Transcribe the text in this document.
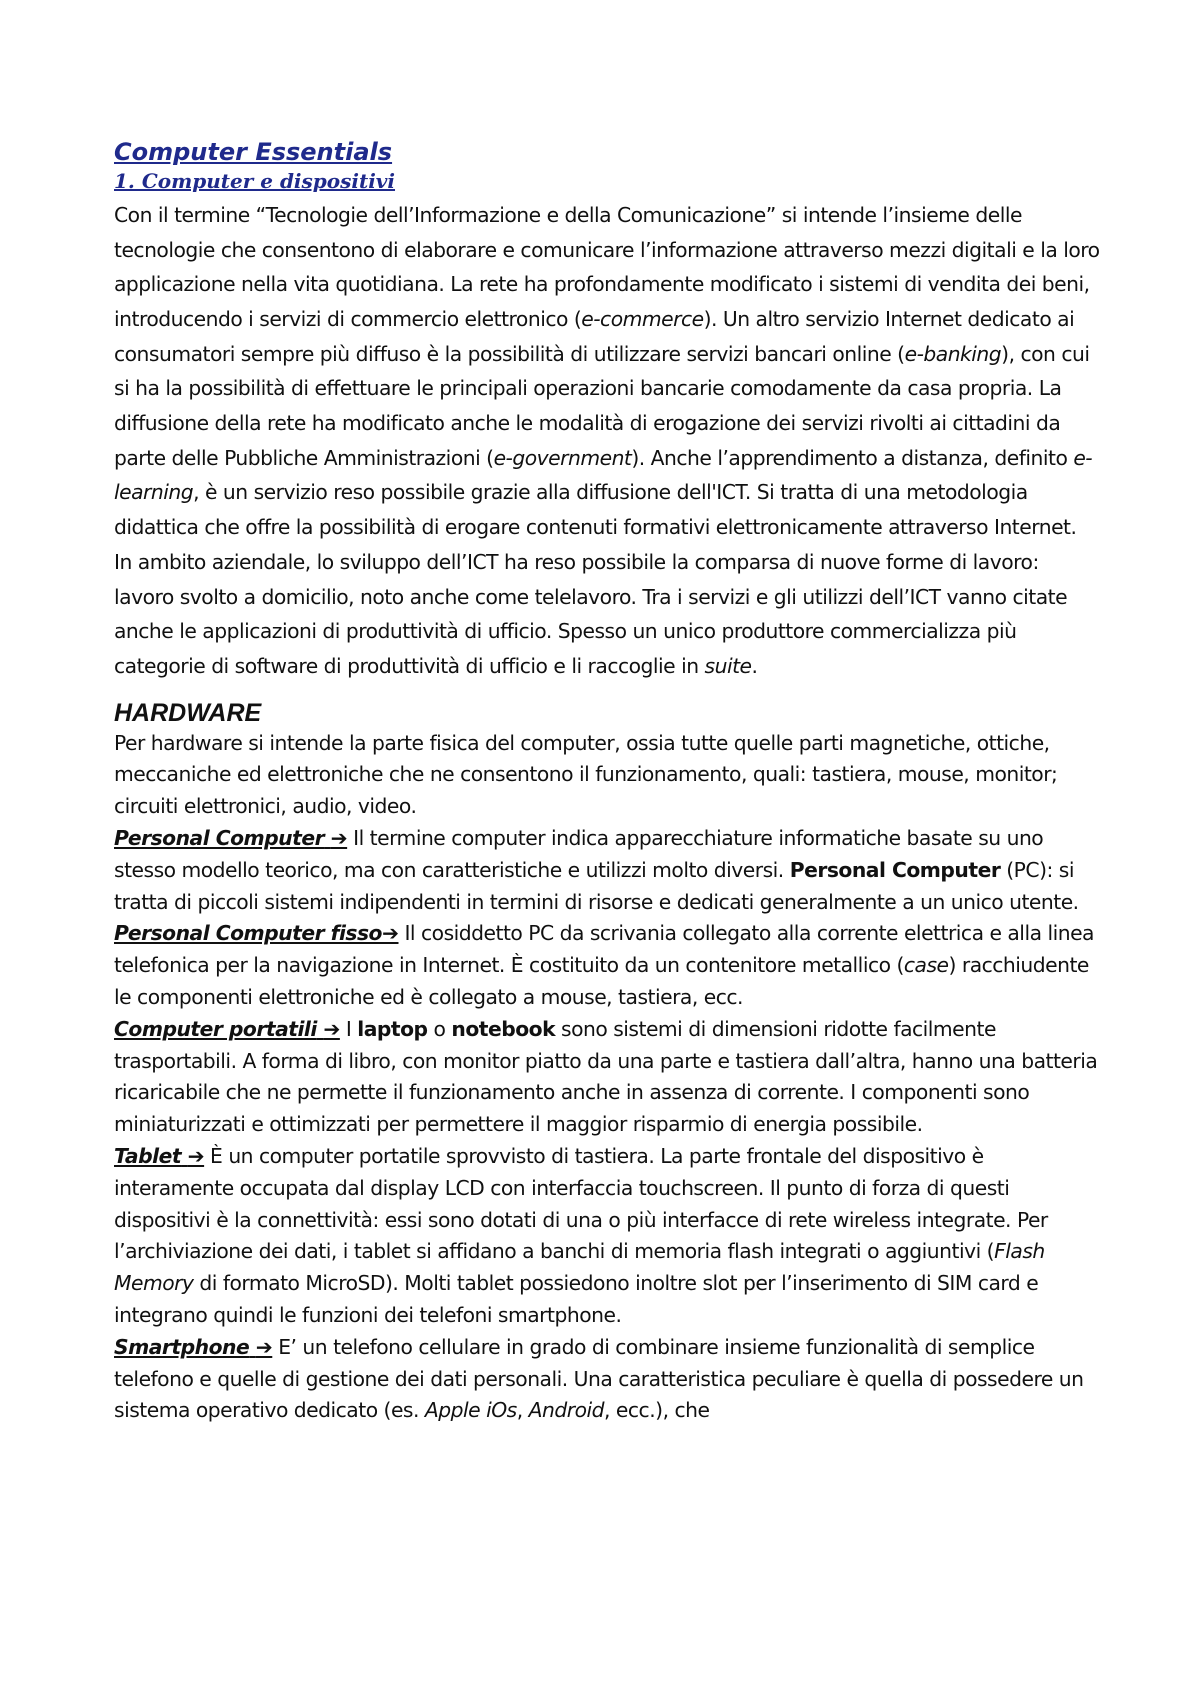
Computer Essentials
1. Computer e dispositivi

Con il termine “Tecnologie dell’Informazione e della Comunicazione” si intende l’insieme delle tecnologie che consentono di elaborare e comunicare l’informazione attraverso mezzi digitali e la loro applicazione nella vita quotidiana. La rete ha profondamente modificato i sistemi di vendita dei beni, introducendo i servizi di commercio elettronico (e-commerce). Un altro servizio Internet dedicato ai consumatori sempre più diffuso è la possibilità di utilizzare servizi bancari online (e-banking), con cui si ha la possibilità di effettuare le principali operazioni bancarie comodamente da casa propria. La diffusione della rete ha modificato anche le modalità di erogazione dei servizi rivolti ai cittadini da parte delle Pubbliche Amministrazioni (e-government). Anche l’apprendimento a distanza, definito e-learning, è un servizio reso possibile grazie alla diffusione dell'ICT. Si tratta di una metodologia didattica che offre la possibilità di erogare contenuti formativi elettronicamente attraverso Internet. In ambito aziendale, lo sviluppo dell’ICT ha reso possibile la comparsa di nuove forme di lavoro: lavoro svolto a domicilio, noto anche come telelavoro. Tra i servizi e gli utilizzi dell’ICT vanno citate anche le applicazioni di produttività di ufficio. Spesso un unico produttore commercializza più categorie di software di produttività di ufficio e li raccoglie in suite.

HARDWARE

Per hardware si intende la parte fisica del computer, ossia tutte quelle parti magnetiche, ottiche, meccaniche ed elettroniche che ne consentono il funzionamento, quali: tastiera, mouse, monitor; circuiti elettronici, audio, video.

Personal Computer ➔ Il termine computer indica apparecchiature informatiche basate su uno stesso modello teorico, ma con caratteristiche e utilizzi molto diversi. Personal Computer (PC): si tratta di piccoli sistemi indipendenti in termini di risorse e dedicati generalmente a un unico utente.

Personal Computer fisso➔ Il cosiddetto PC da scrivania collegato alla corrente elettrica e alla linea telefonica per la navigazione in Internet. È costituito da un contenitore metallico (case) racchiudente le componenti elettroniche ed è collegato a mouse, tastiera, ecc.

Computer portatili ➔ I laptop o notebook sono sistemi di dimensioni ridotte facilmente trasportabili. A forma di libro, con monitor piatto da una parte e tastiera dall’altra, hanno una batteria ricaricabile che ne permette il funzionamento anche in assenza di corrente. I componenti sono miniaturizzati e ottimizzati per permettere il maggior risparmio di energia possibile.

Tablet ➔ È un computer portatile sprovvisto di tastiera. La parte frontale del dispositivo è interamente occupata dal display LCD con interfaccia touchscreen. Il punto di forza di questi dispositivi è la connettività: essi sono dotati di una o più interfacce di rete wireless integrate. Per l’archiviazione dei dati, i tablet si affidano a banchi di memoria flash integrati o aggiuntivi (Flash Memory di formato MicroSD). Molti tablet possiedono inoltre slot per l’inserimento di SIM card e integrano quindi le funzioni dei telefoni smartphone.

Smartphone ➔ E’ un telefono cellulare in grado di combinare insieme funzionalità di semplice telefono e quelle di gestione dei dati personali. Una caratteristica peculiare è quella di possedere un sistema operativo dedicato (es. Apple iOs, Android, ecc.), che
